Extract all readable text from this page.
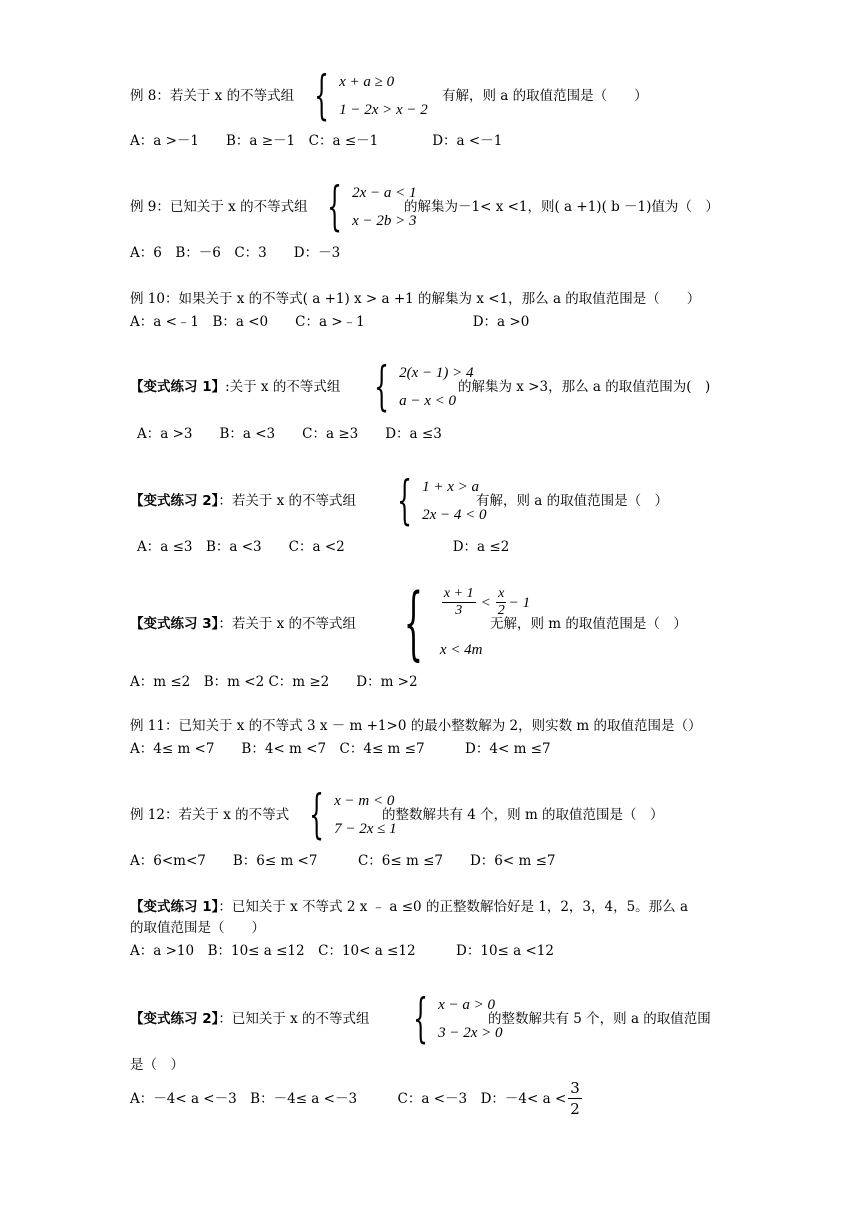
例 8：若关于 x 的不等式组 { x + a ≥ 0
1 − 2x > x − 2
有解，则 a 的取值范围是（　　）
A：a >－1　　B：a ≥－1　C：a ≤－1　　　　D：a <－1
例 9：已知关于 x 的不等式组 { 2x − a < 1
x − 2b > 3
的解集为－1< x <1，则( a +1)( b －1)值为（　）
A：6　B：－6　C：3　　D：－3
例 10：如果关于 x 的不等式( a +1) x > a +1 的解集为 x <1，那么 a 的取值范围是（　　）
A：a <﹣1　B：a <0　　C：a >﹣1　　　　　　　　D：a >0
【变式练习 1】:关于 x 的不等式组 { 2(x − 1) > 4
a − x < 0
的解集为 x >3，那么 a 的取值范围为(　)
A：a >3　　B：a <3　　C：a ≥3　　D：a ≤3
【变式练习 2】：若关于 x 的不等式组 { 1 + x > a
2x − 4 < 0
有解，则 a 的取值范围是（　）
A：a ≤3　B：a <3　　C：a <2　　　　　　　　D：a ≤2
【变式练习 3】：若关于 x 的不等式组 { $\frac{x + 1}{3} < \frac{x}{2} - 1$
x < 4m
无解，则 m 的取值范围是（　）
A：m ≤2　B：m <2 C：m ≥2　　D：m >2
例 11：已知关于 x 的不等式 3 x － m +1>0 的最小整数解为 2，则实数 m 的取值范围是（）
A：4≤ m <7　　B：4< m <7　C：4≤ m ≤7　　　D：4< m ≤7
例 12：若关于 x 的不等式 { x − m < 0
7 − 2x ≤ 1
的整数解共有 4 个，则 m 的取值范围是（　）
A：6<m<7　　B：6≤ m <7　　　C：6≤ m ≤7　　D：6< m ≤7
【变式练习 1】：已知关于 x 不等式 2 x ﹣ a ≤0 的正整数解恰好是 1，2，3，4，5。那么 a
的取值范围是（　　）
A：a >10　B：10≤ a ≤12　C：10< a ≤12　　　D：10≤ a <12
【变式练习 2】：已知关于 x 的不等式组 { x − a > 0
3 − 2x > 0
的整数解共有 5 个，则 a 的取值范围
是（　）
A：－4< a <－3　B：－4≤ a <－3　　　C：a <－3　D：$-4< a < \frac{3}{2}$
